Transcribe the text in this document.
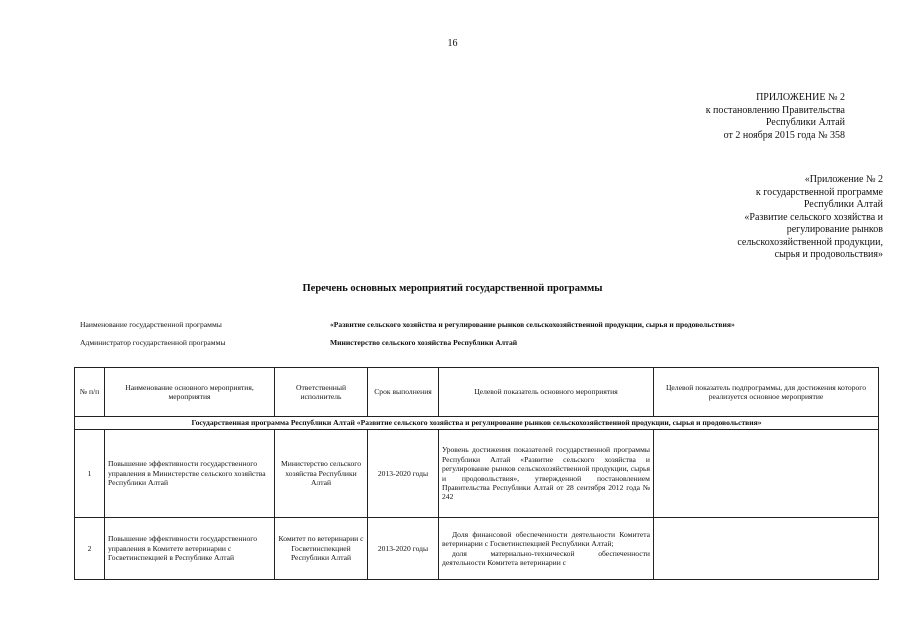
16
ПРИЛОЖЕНИЕ № 2
к постановлению Правительства
Республики Алтай
от 2 ноября 2015 года № 358
«Приложение № 2
к государственной программе
Республики Алтай
«Развитие сельского хозяйства и
регулирование рынков
сельскохозяйственной продукции,
сырья и продовольствия»
Перечень основных мероприятий государственной программы
Наименование государственной программы	«Развитие сельского хозяйства и регулирование рынков сельскохозяйственной продукции, сырья и продовольствия»
Администратор государственной программы	Министерство сельского хозяйства Республики Алтай
№ п/п	Наименование основного мероприятия, мероприятия	Ответственный исполнитель	Срок выполнения	Целевой показатель основного мероприятия	Целевой показатель подпрограммы, для достижения которого реализуется основное мероприятие
Государственная программа Республики Алтай «Развитие сельского хозяйства и регулирование рынков сельскохозяйственной продукции, сырья и продовольствия»					
1	Повышение эффективности государственного управления в Министерстве сельского хозяйства Республики Алтай	Министерство сельского хозяйства Республики Алтай	2013-2020 годы	Уровень достижения показателей государственной программы Республики Алтай «Развитие сельского хозяйства и регулирование рынков сельскохозяйственной продукции, сырья и продовольствия», утвержденной постановлением Правительства Республики Алтай от 28 сентября 2012 года № 242	
2	Повышение эффективности государственного управления в Комитете ветеринарии с Госветинспекцией в Республике Алтай	Комитет по ветеринарии с Госветинспекцией Республики Алтай	2013-2020 годы	Доля финансовой обеспеченности деятельности Комитета ветеринарии с Госветинспекцией Республики Алтай;

доля материально-технической обеспеченности деятельности Комитета ветеринарии с	
